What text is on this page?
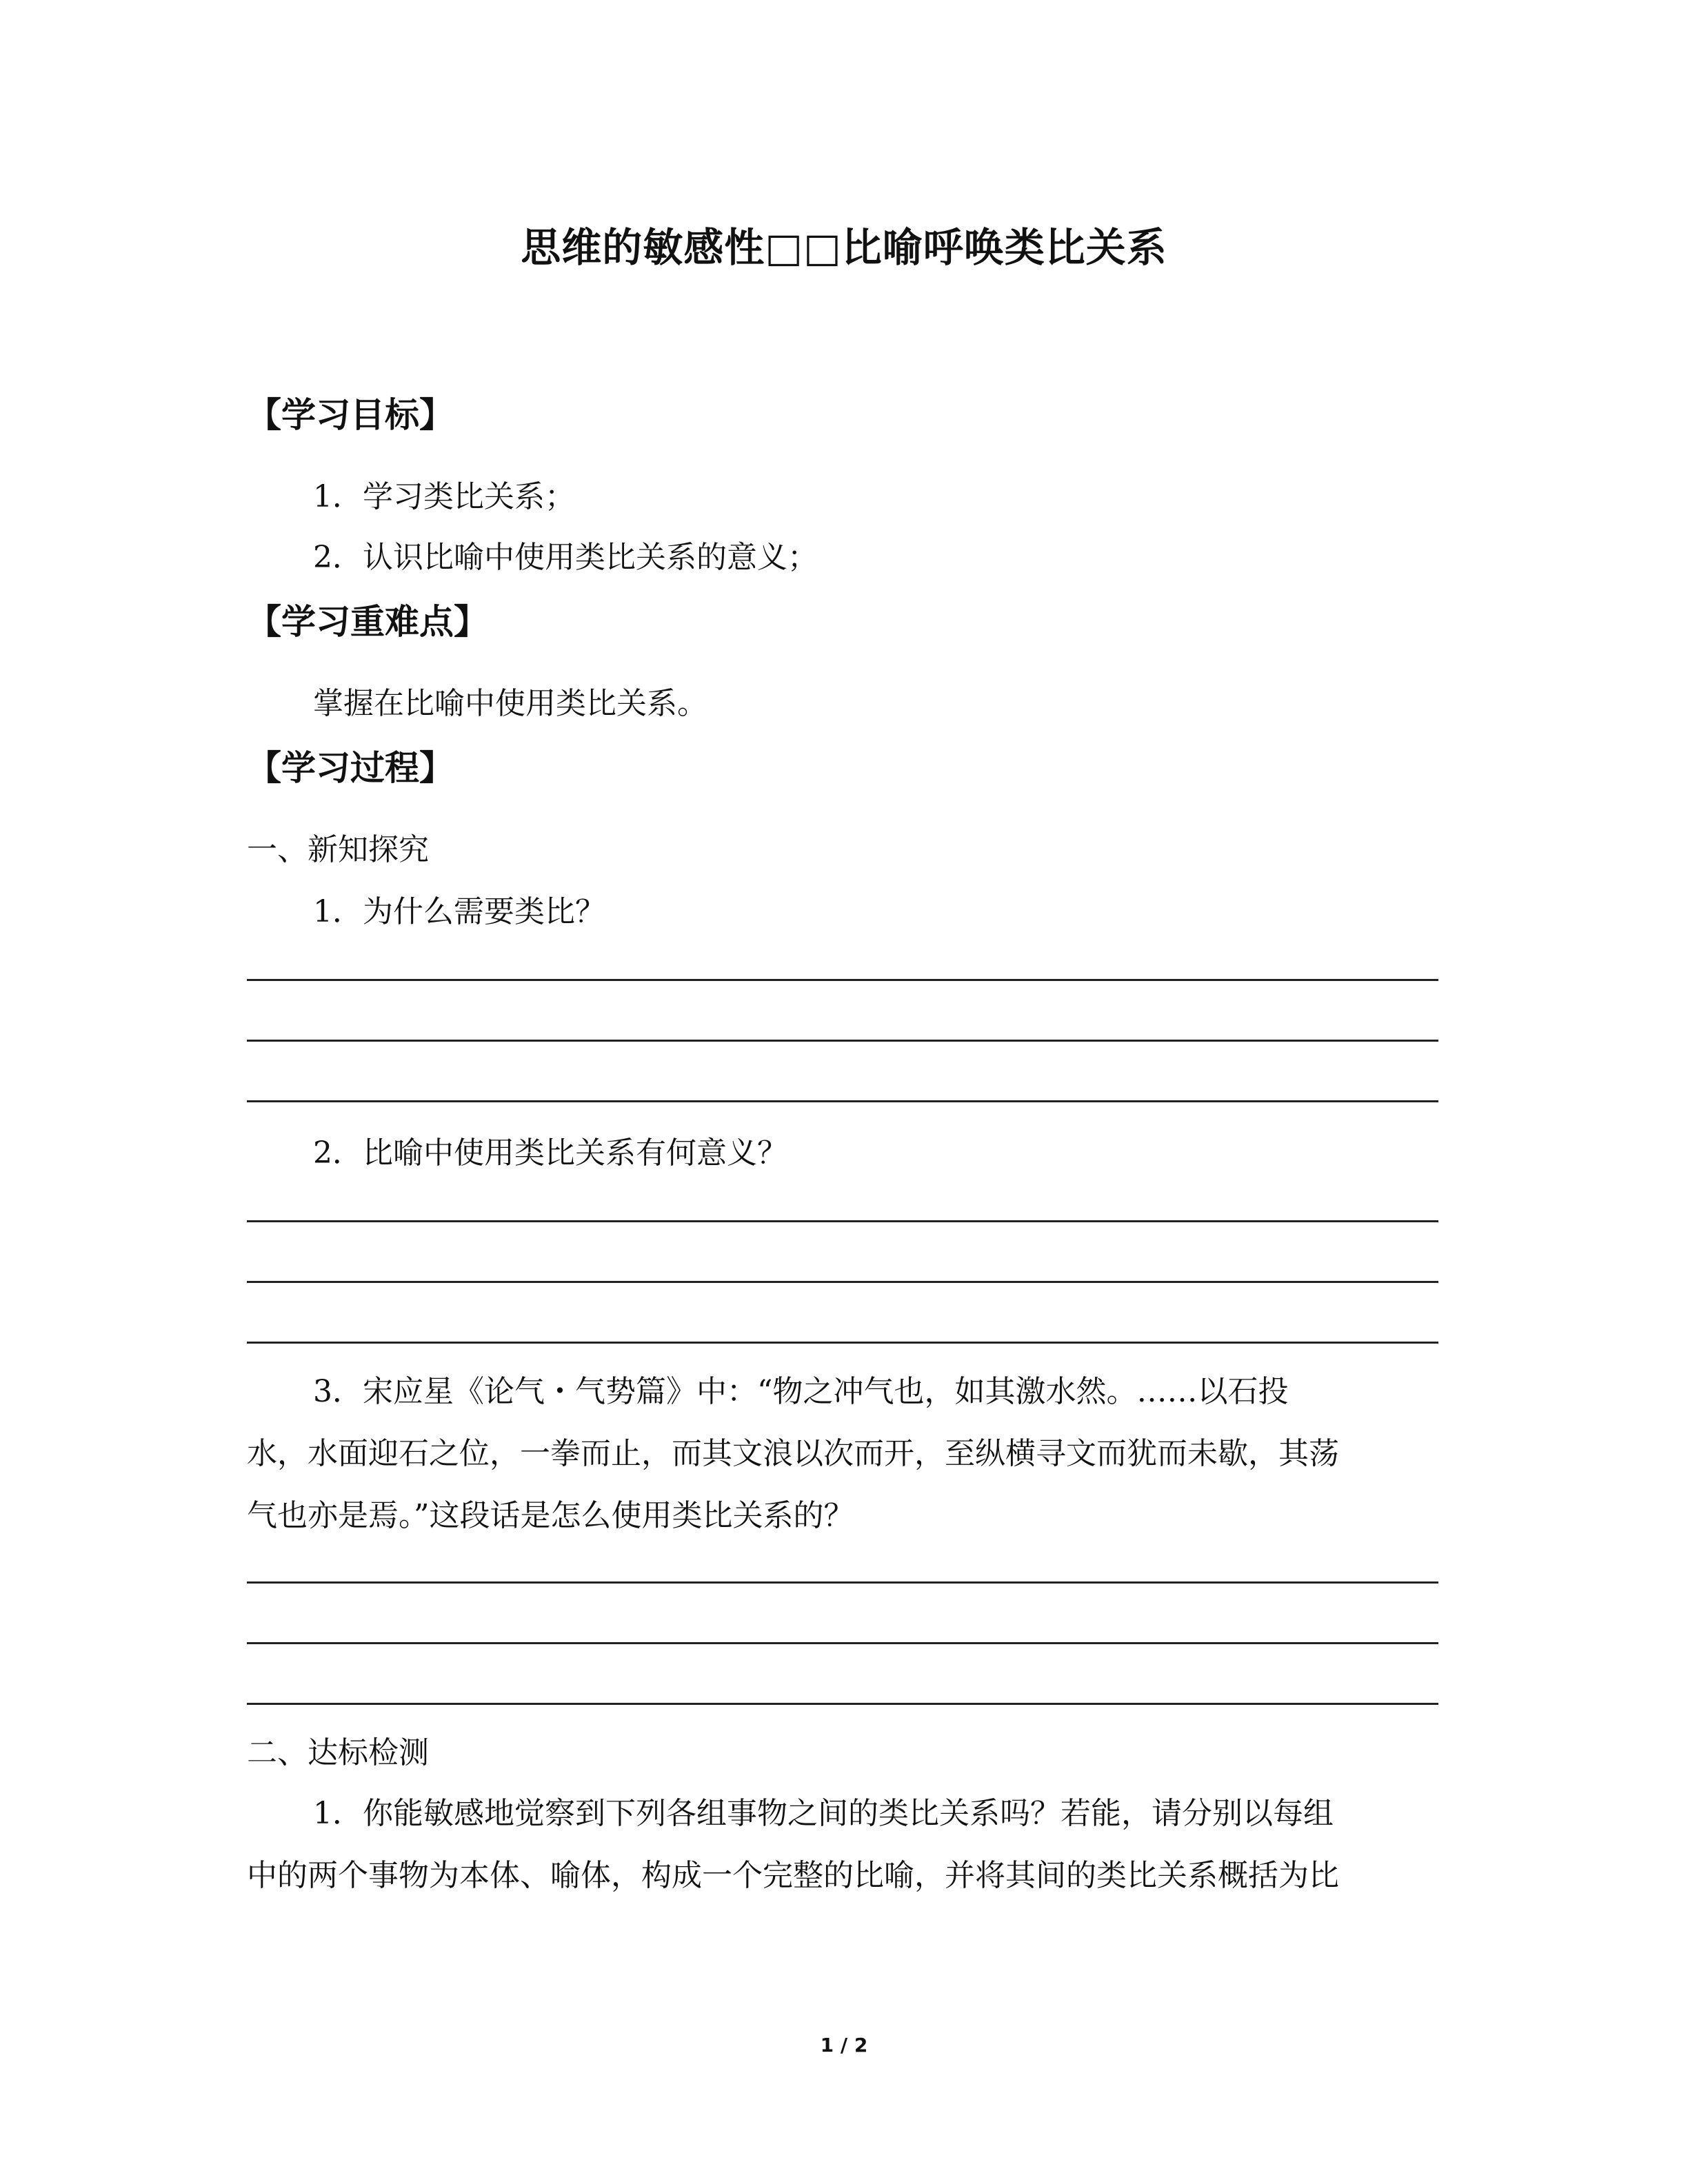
思维的敏感性□□比喻呼唤类比关系
【学习目标】
1．学习类比关系；
2．认识比喻中使用类比关系的意义；
【学习重难点】
掌握在比喻中使用类比关系。
【学习过程】
一、新知探究
1．为什么需要类比？
2．比喻中使用类比关系有何意义？
3．宋应星《论气・气势篇》中：“物之冲气也，如其激水然。……以石投
水，水面迎石之位，一拳而止，而其文浪以次而开，至纵横寻文而犹而未歇，其荡
气也亦是焉。”这段话是怎么使用类比关系的？
二、达标检测
1．你能敏感地觉察到下列各组事物之间的类比关系吗？若能，请分别以每组
中的两个事物为本体、喻体，构成一个完整的比喻，并将其间的类比关系概括为比
1 / 2
